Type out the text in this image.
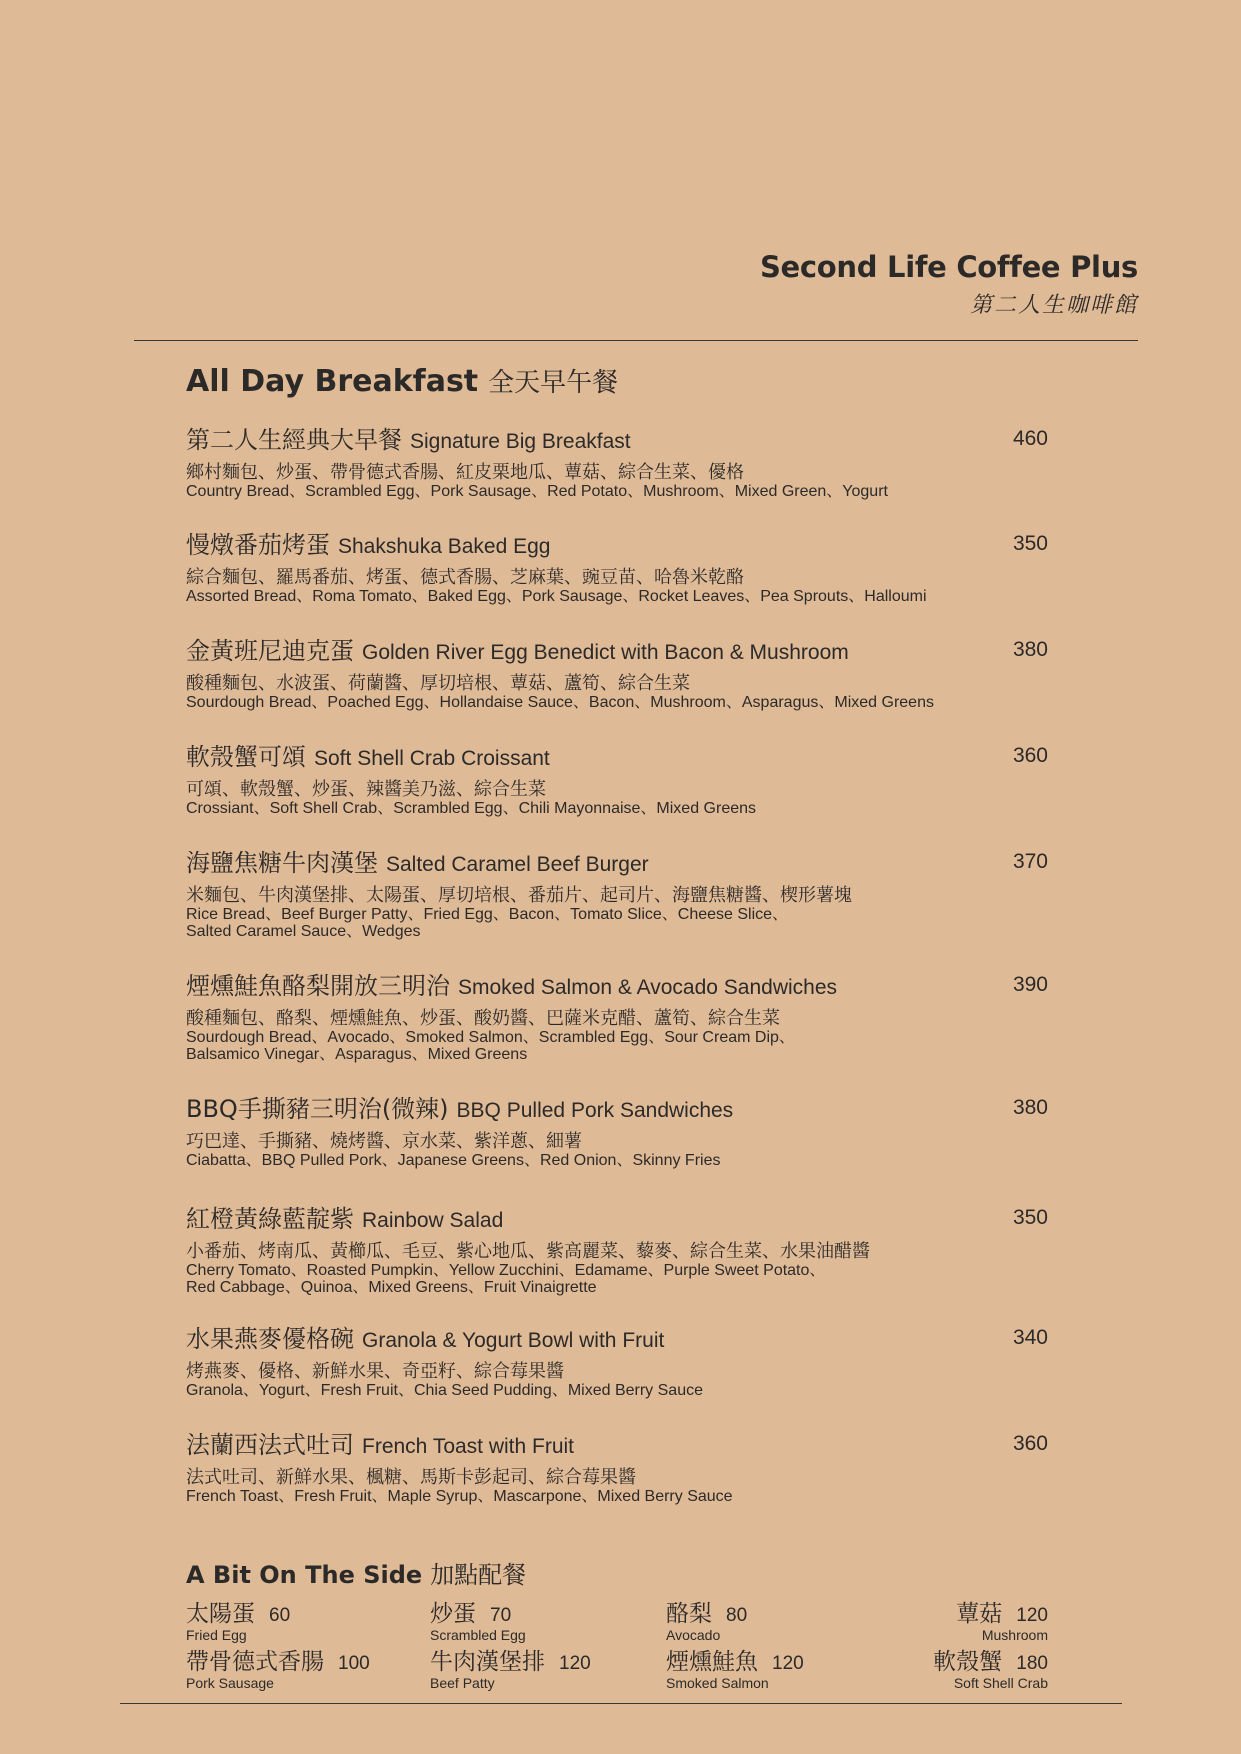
Second Life Coffee Plus
第二人生咖啡館
All Day Breakfast 全天早午餐
第二人生經典大早餐 Signature Big Breakfast	460
鄉村麵包、炒蛋、帶骨德式香腸、紅皮栗地瓜、蕈菇、綜合生菜、優格
Country Bread、Scrambled Egg、Pork Sausage、Red Potato、Mushroom、Mixed Green、Yogurt
慢燉番茄烤蛋 Shakshuka Baked Egg	350
綜合麵包、羅馬番茄、烤蛋、德式香腸、芝麻葉、豌豆苗、哈魯米乾酪
Assorted Bread、Roma Tomato、Baked Egg、Pork Sausage、Rocket Leaves、Pea Sprouts、Halloumi
金黃班尼迪克蛋 Golden River Egg Benedict with Bacon & Mushroom	380
酸種麵包、水波蛋、荷蘭醬、厚切培根、蕈菇、蘆筍、綜合生菜
Sourdough Bread、Poached Egg、Hollandaise Sauce、Bacon、Mushroom、Asparagus、Mixed Greens
軟殼蟹可頌 Soft Shell Crab Croissant	360
可頌、軟殼蟹、炒蛋、辣醬美乃滋、綜合生菜
Crossiant、Soft Shell Crab、Scrambled Egg、Chili Mayonnaise、Mixed Greens
海鹽焦糖牛肉漢堡 Salted Caramel Beef Burger	370
米麵包、牛肉漢堡排、太陽蛋、厚切培根、番茄片、起司片、海鹽焦糖醬、楔形薯塊
Rice Bread、Beef Burger Patty、Fried Egg、Bacon、Tomato Slice、Cheese Slice、
Salted Caramel Sauce、Wedges
煙燻鮭魚酪梨開放三明治 Smoked Salmon & Avocado Sandwiches	390
酸種麵包、酪梨、煙燻鮭魚、炒蛋、酸奶醬、巴薩米克醋、蘆筍、綜合生菜
Sourdough Bread、Avocado、Smoked Salmon、Scrambled Egg、Sour Cream Dip、
Balsamico Vinegar、Asparagus、Mixed Greens
BBQ手撕豬三明治(微辣) BBQ Pulled Pork Sandwiches	380
巧巴達、手撕豬、燒烤醬、京水菜、紫洋蔥、細薯
Ciabatta、BBQ Pulled Pork、Japanese Greens、Red Onion、Skinny Fries
紅橙黃綠藍靛紫 Rainbow Salad	350
小番茄、烤南瓜、黃櫛瓜、毛豆、紫心地瓜、紫高麗菜、藜麥、綜合生菜、水果油醋醬
Cherry Tomato、Roasted Pumpkin、Yellow Zucchini、Edamame、Purple Sweet Potato、
Red Cabbage、Quinoa、Mixed Greens、Fruit Vinaigrette
水果燕麥優格碗 Granola & Yogurt Bowl with Fruit	340
烤燕麥、優格、新鮮水果、奇亞籽、綜合莓果醬
Granola、Yogurt、Fresh Fruit、Chia Seed Pudding、Mixed Berry Sauce
法蘭西法式吐司 French Toast with Fruit	360
法式吐司、新鮮水果、楓糖、馬斯卡彭起司、綜合莓果醬
French Toast、Fresh Fruit、Maple Syrup、Mascarpone、Mixed Berry Sauce
A Bit On The Side 加點配餐
太陽蛋 60
Fried Egg
炒蛋 70
Scrambled Egg
酪梨 80
Avocado
蕈菇 120
Mushroom
帶骨德式香腸 100
Pork Sausage
牛肉漢堡排 120
Beef Patty
煙燻鮭魚 120
Smoked Salmon
軟殼蟹 180
Soft Shell Crab
